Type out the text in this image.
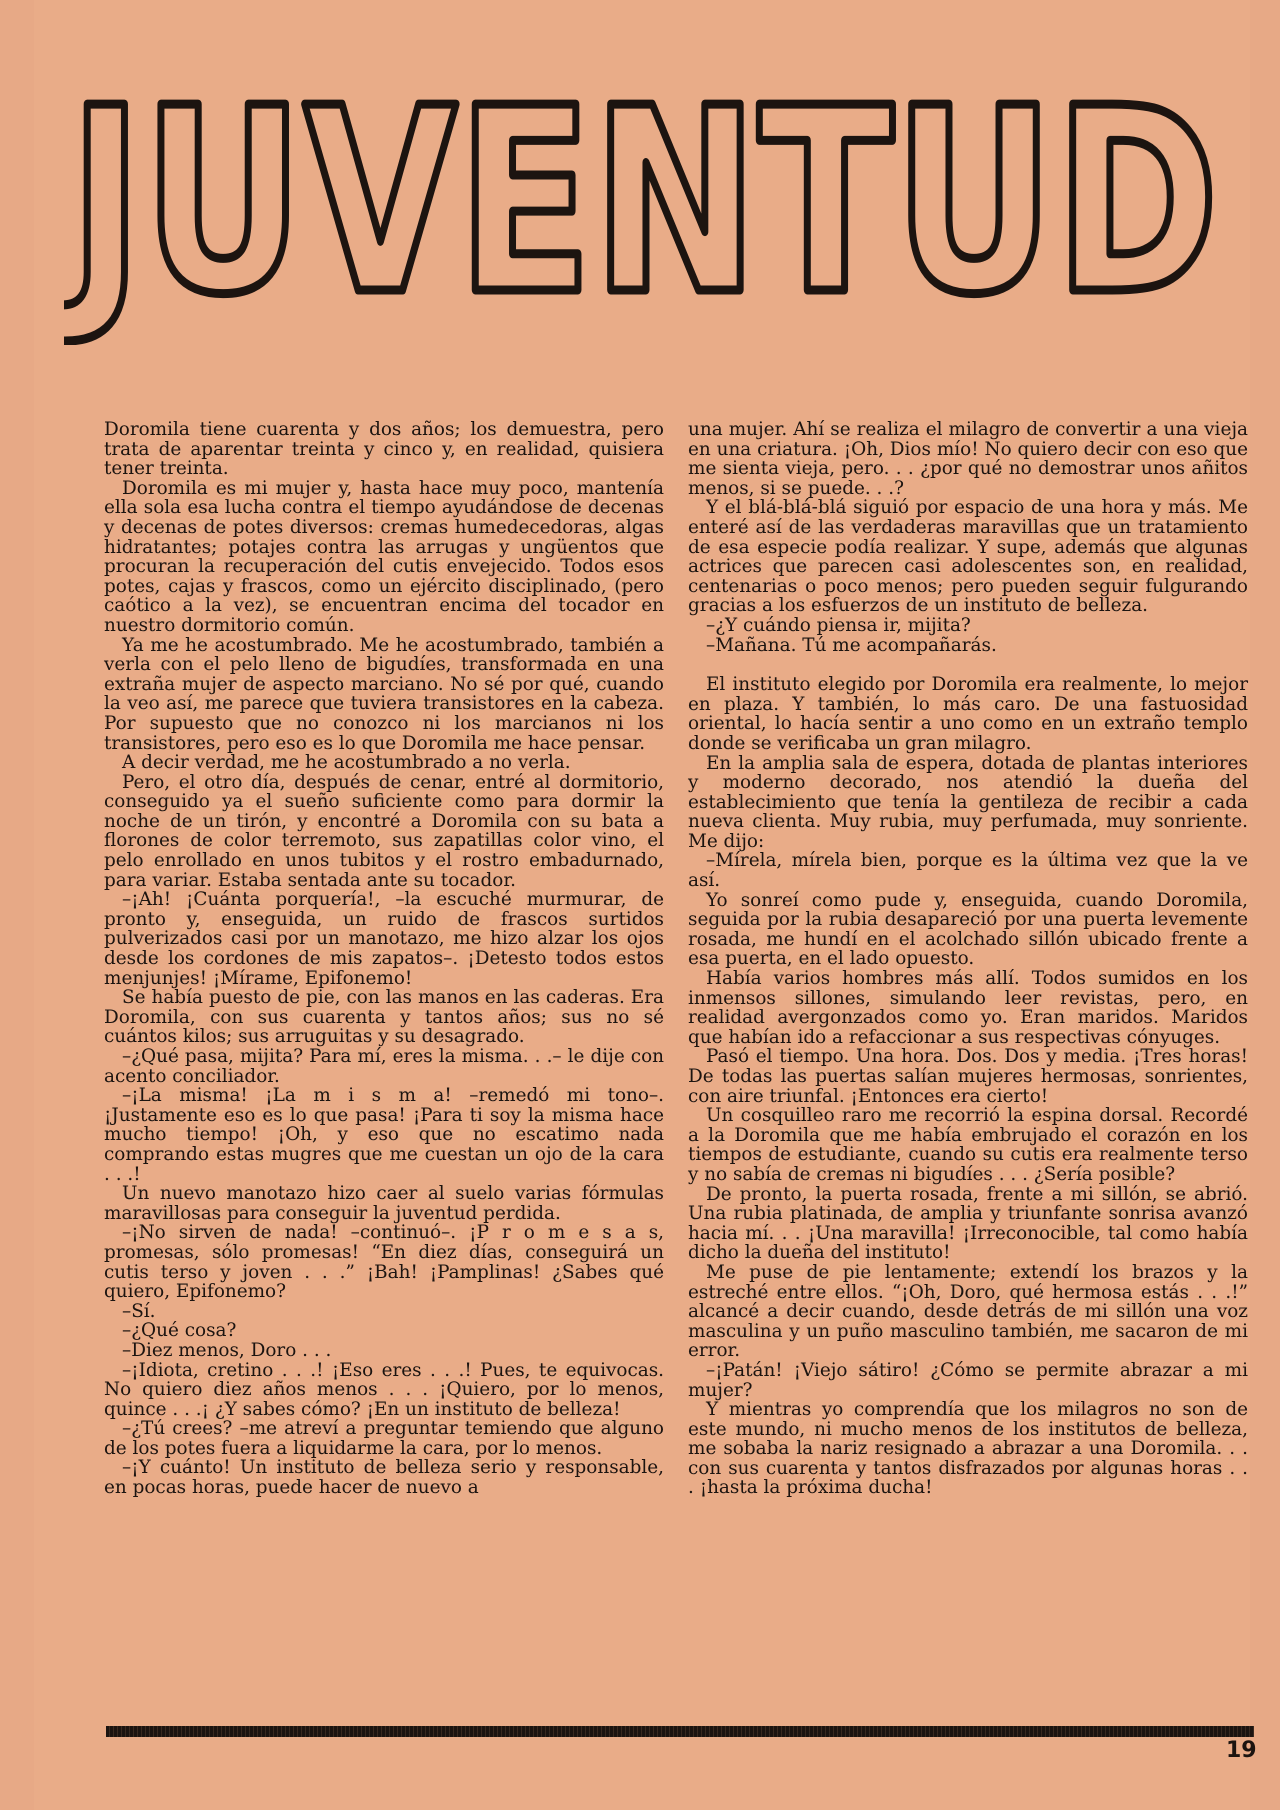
JUVENTUD

Doromila tiene cuarenta y dos años; los demuestra, pero trata de aparentar treinta y cinco y, en realidad, quisiera tener treinta.

Doromila es mi mujer y, hasta hace muy poco, mantenía ella sola esa lucha contra el tiempo ayudándose de decenas y decenas de potes diversos: cremas humedecedoras, algas hidratantes; potajes contra las arrugas y ungüentos que procuran la recuperación del cutis envejecido. Todos esos potes, cajas y frascos, como un ejército disciplinado, (pero caótico a la vez), se encuentran encima del tocador en nuestro dormitorio común.

Ya me he acostumbrado. Me he acostumbrado, también a verla con el pelo lleno de bigudíes, transformada en una extraña mujer de aspecto marciano. No sé por qué, cuando la veo así, me parece que tuviera transistores en la cabeza. Por supuesto que no conozco ni los marcianos ni los transistores, pero eso es lo que Doromila me hace pensar.

A decir verdad, me he acostumbrado a no verla.

Pero, el otro día, después de cenar, entré al dormitorio, conseguido ya el sueño suficiente como para dormir la noche de un tirón, y encontré a Doromila con su bata a florones de color terremoto, sus zapatillas color vino, el pelo enrollado en unos tubitos y el rostro embadurnado, para variar. Estaba sentada ante su tocador.

–¡Ah! ¡Cuánta porquería!, –la escuché murmurar, de pronto y, enseguida, un ruido de frascos surtidos pulverizados casi por un manotazo, me hizo alzar los ojos desde los cordones de mis zapatos–. ¡Detesto todos estos menjunjes! ¡Mírame, Epifonemo!

Se había puesto de pie, con las manos en las caderas. Era Doromila, con sus cuarenta y tantos años; sus no sé cuántos kilos; sus arruguitas y su desagrado.

–¿Qué pasa, mijita? Para mí, eres la misma. . .– le dije con acento conciliador.

–¡La misma! ¡La m i s m a! –remedó mi tono–. ¡Justamente eso es lo que pasa! ¡Para ti soy la misma hace mucho tiempo! ¡Oh, y eso que no escatimo nada comprando estas mugres que me cuestan un ojo de la cara . . .!

Un nuevo manotazo hizo caer al suelo varias fórmulas maravillosas para conseguir la juventud perdida.

–¡No sirven de nada! –continuó–. ¡P r o m e s a s, promesas, sólo promesas! “En diez días, conseguirá un cutis terso y joven . . .” ¡Bah! ¡Pamplinas! ¿Sabes qué quiero, Epifonemo?

–Sí.

–¿Qué cosa?

–Diez menos, Doro . . .

–¡Idiota, cretino . . .! ¡Eso eres . . .! Pues, te equivocas. No quiero diez años menos . . . ¡Quiero, por lo menos, quince . . .¡ ¿Y sabes cómo? ¡En un instituto de belleza!

–¿Tú crees? –me atreví a preguntar temiendo que alguno de los potes fuera a liquidarme la cara, por lo menos.

–¡Y cuánto! Un instituto de belleza serio y responsable, en pocas horas, puede hacer de nuevo a

una mujer. Ahí se realiza el milagro de convertir a una vieja en una criatura. ¡Oh, Dios mío! No quiero decir con eso que me sienta vieja, pero. . . ¿por qué no demostrar unos añitos menos, si se puede. . .?

Y el blá-blá-blá siguió por espacio de una hora y más. Me enteré así de las verdaderas maravillas que un tratamiento de esa especie podía realizar. Y supe, además que algunas actrices que parecen casi adolescentes son, en realidad, centenarias o poco menos; pero pueden seguir fulgurando gracias a los esfuerzos de un instituto de belleza.

–¿Y cuándo piensa ir, mijita?

–Mañana. Tú me acompañarás.

El instituto elegido por Doromila era realmente, lo mejor en plaza. Y también, lo más caro. De una fastuosidad oriental, lo hacía sentir a uno como en un extraño templo donde se verificaba un gran milagro.

En la amplia sala de espera, dotada de plantas interiores y moderno decorado, nos atendió la dueña del establecimiento que tenía la gentileza de recibir a cada nueva clienta. Muy rubia, muy perfumada, muy sonriente. Me dijo:

–Mírela, mírela bien, porque es la última vez que la ve así.

Yo sonreí como pude y, enseguida, cuando Doromila, seguida por la rubia desapareció por una puerta levemente rosada, me hundí en el acolchado sillón ubicado frente a esa puerta, en el lado opuesto.

Había varios hombres más allí. Todos sumidos en los inmensos sillones, simulando leer revistas, pero, en realidad avergonzados como yo. Eran maridos. Maridos que habían ido a refaccionar a sus respectivas cónyuges.

Pasó el tiempo. Una hora. Dos. Dos y media. ¡Tres horas! De todas las puertas salían mujeres hermosas, sonrientes, con aire triunfal. ¡Entonces era cierto!

Un cosquilleo raro me recorrió la espina dorsal. Recordé a la Doromila que me había embrujado el corazón en los tiempos de estudiante, cuando su cutis era realmente terso y no sabía de cremas ni bigudíes . . . ¿Sería posible?

De pronto, la puerta rosada, frente a mi sillón, se abrió. Una rubia platinada, de amplia y triunfante sonrisa avanzó hacia mí. . . ¡Una maravilla! ¡Irreconocible, tal como había dicho la dueña del instituto!

Me puse de pie lentamente; extendí los brazos y la estreché entre ellos. “¡Oh, Doro, qué hermosa estás . . .!” alcancé a decir cuando, desde detrás de mi sillón una voz masculina y un puño masculino también, me sacaron de mi error.

–¡Patán! ¡Viejo sátiro! ¿Cómo se permite abrazar a mi mujer?

Y mientras yo comprendía que los milagros no son de este mundo, ni mucho menos de los institutos de belleza, me sobaba la nariz resignado a abrazar a una Doromila. . . con sus cuarenta y tantos disfrazados por algunas horas . . . ¡hasta la próxima ducha!

19
